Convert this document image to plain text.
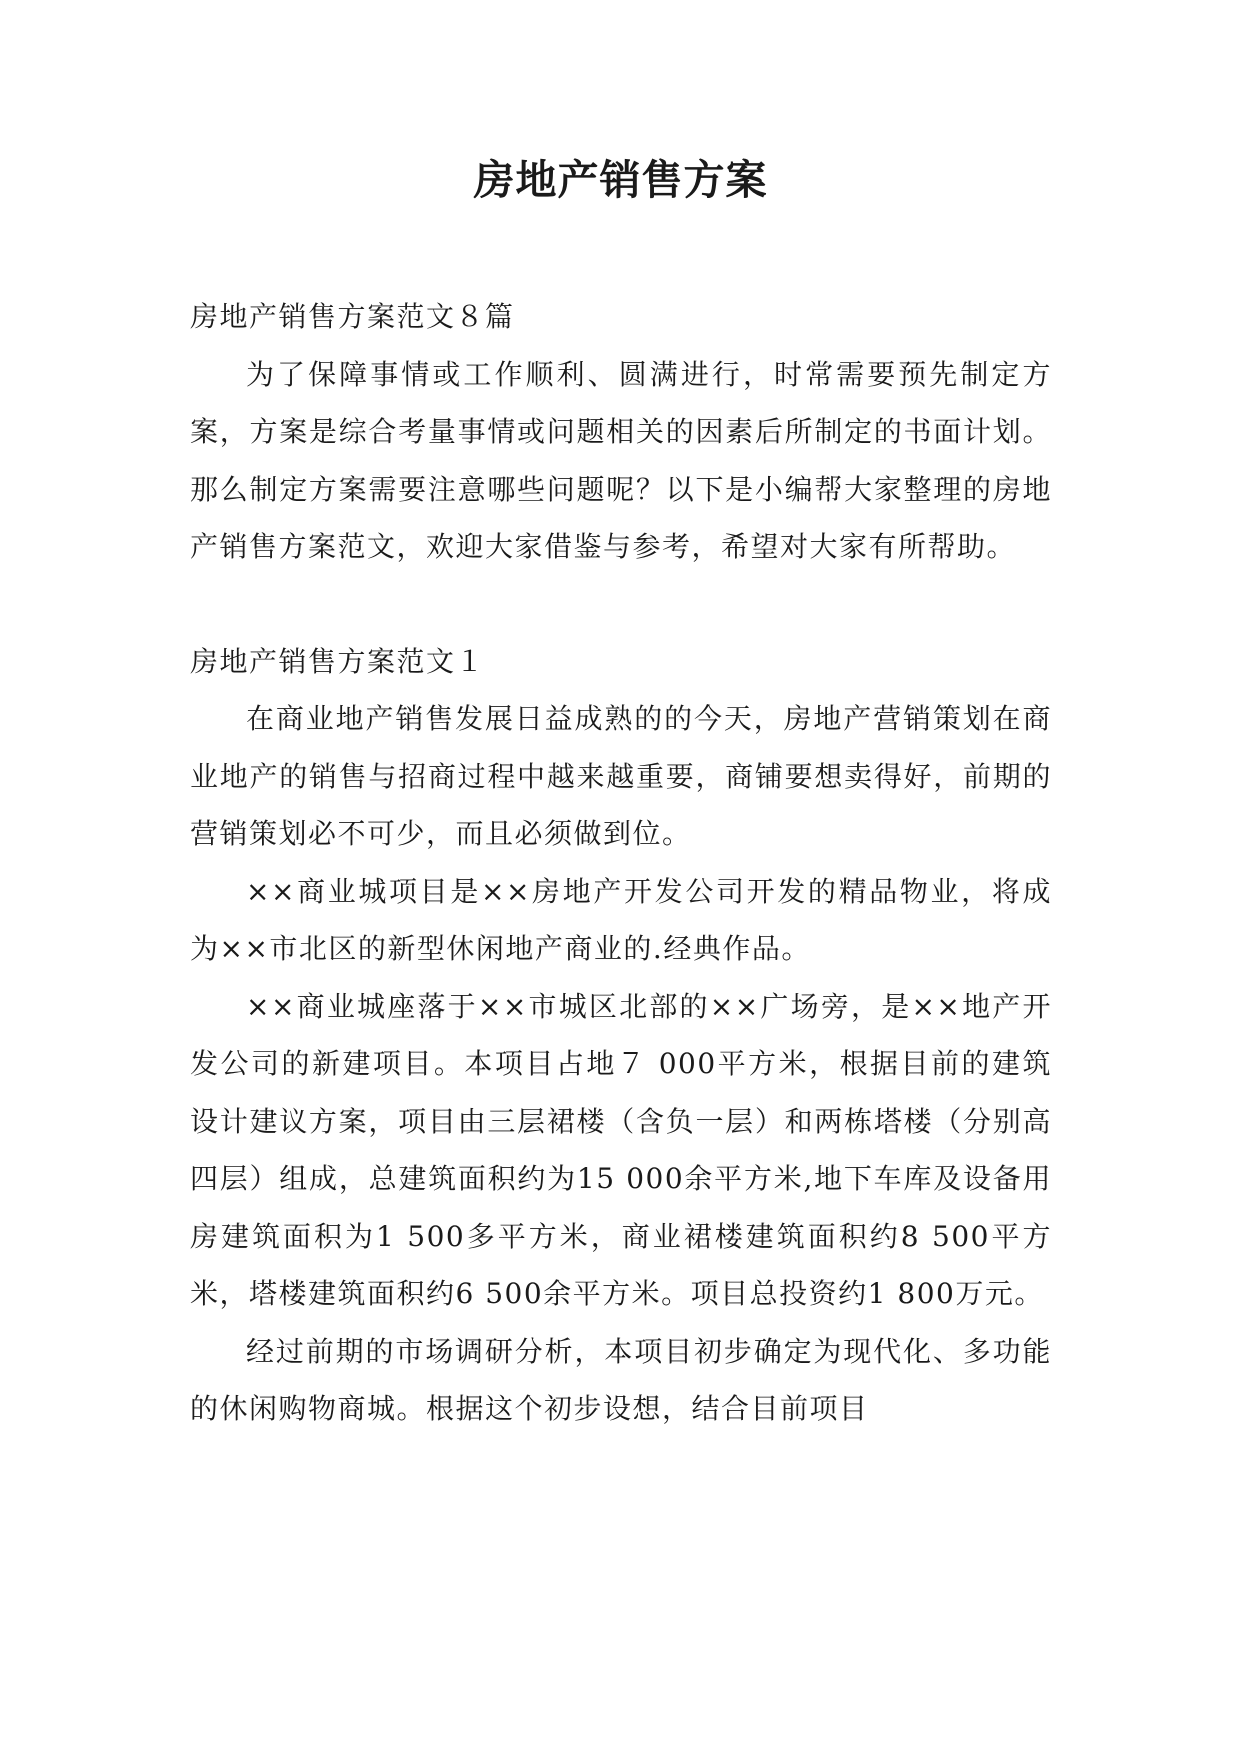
房地产销售方案

房地产销售方案范文８篇

为了保障事情或工作顺利、圆满进行，时常需要预先制定方案，方案是综合考量事情或问题相关的因素后所制定的书面计划。那么制定方案需要注意哪些问题呢？以下是小编帮大家整理的房地产销售方案范文，欢迎大家借鉴与参考，希望对大家有所帮助。

房地产销售方案范文１

在商业地产销售发展日益成熟的的今天，房地产营销策划在商业地产的销售与招商过程中越来越重要，商铺要想卖得好，前期的营销策划必不可少，而且必须做到位。

××商业城项目是××房地产开发公司开发的精品物业，将成为××市北区的新型休闲地产商业的.经典作品。

××商业城座落于××市城区北部的××广场旁，是××地产开发公司的新建项目。本项目占地７ 000平方米，根据目前的建筑设计建议方案，项目由三层裙楼（含负一层）和两栋塔楼（分别高四层）组成，总建筑面积约为15 000余平方米,地下车库及设备用房建筑面积为1 500多平方米，商业裙楼建筑面积约8 500平方米，塔楼建筑面积约6 500余平方米。项目总投资约1 800万元。

经过前期的市场调研分析，本项目初步确定为现代化、多功能的休闲购物商城。根据这个初步设想，结合目前项目
